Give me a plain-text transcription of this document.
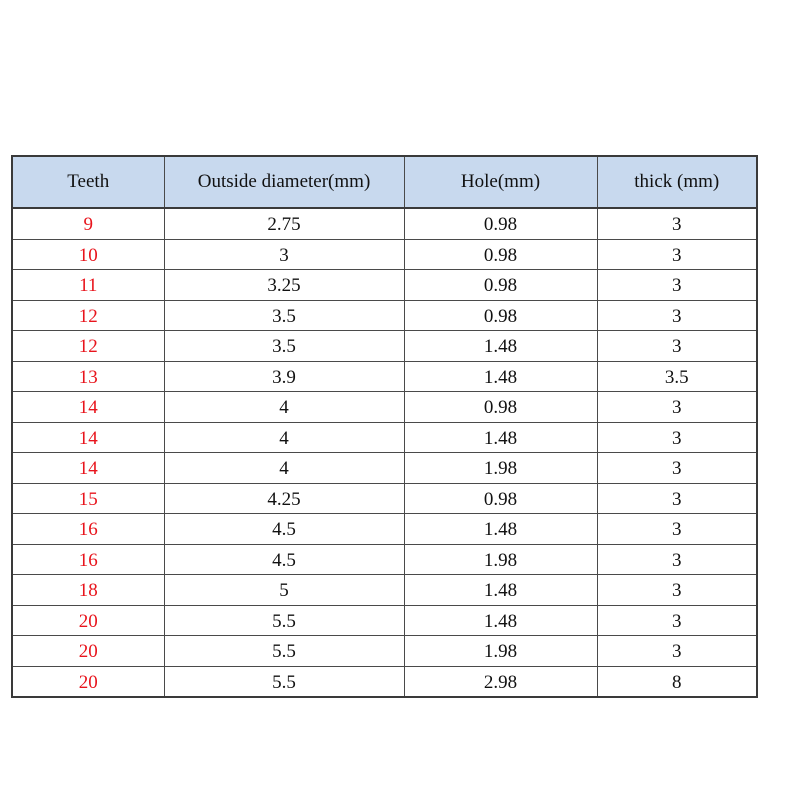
Teeth	Outside diameter(mm)	Hole(mm)	thick (mm)
9	2.75	0.98	3
10	3	0.98	3
11	3.25	0.98	3
12	3.5	0.98	3
12	3.5	1.48	3
13	3.9	1.48	3.5
14	4	0.98	3
14	4	1.48	3
14	4	1.98	3
15	4.25	0.98	3
16	4.5	1.48	3
16	4.5	1.98	3
18	5	1.48	3
20	5.5	1.48	3
20	5.5	1.98	3
20	5.5	2.98	8
